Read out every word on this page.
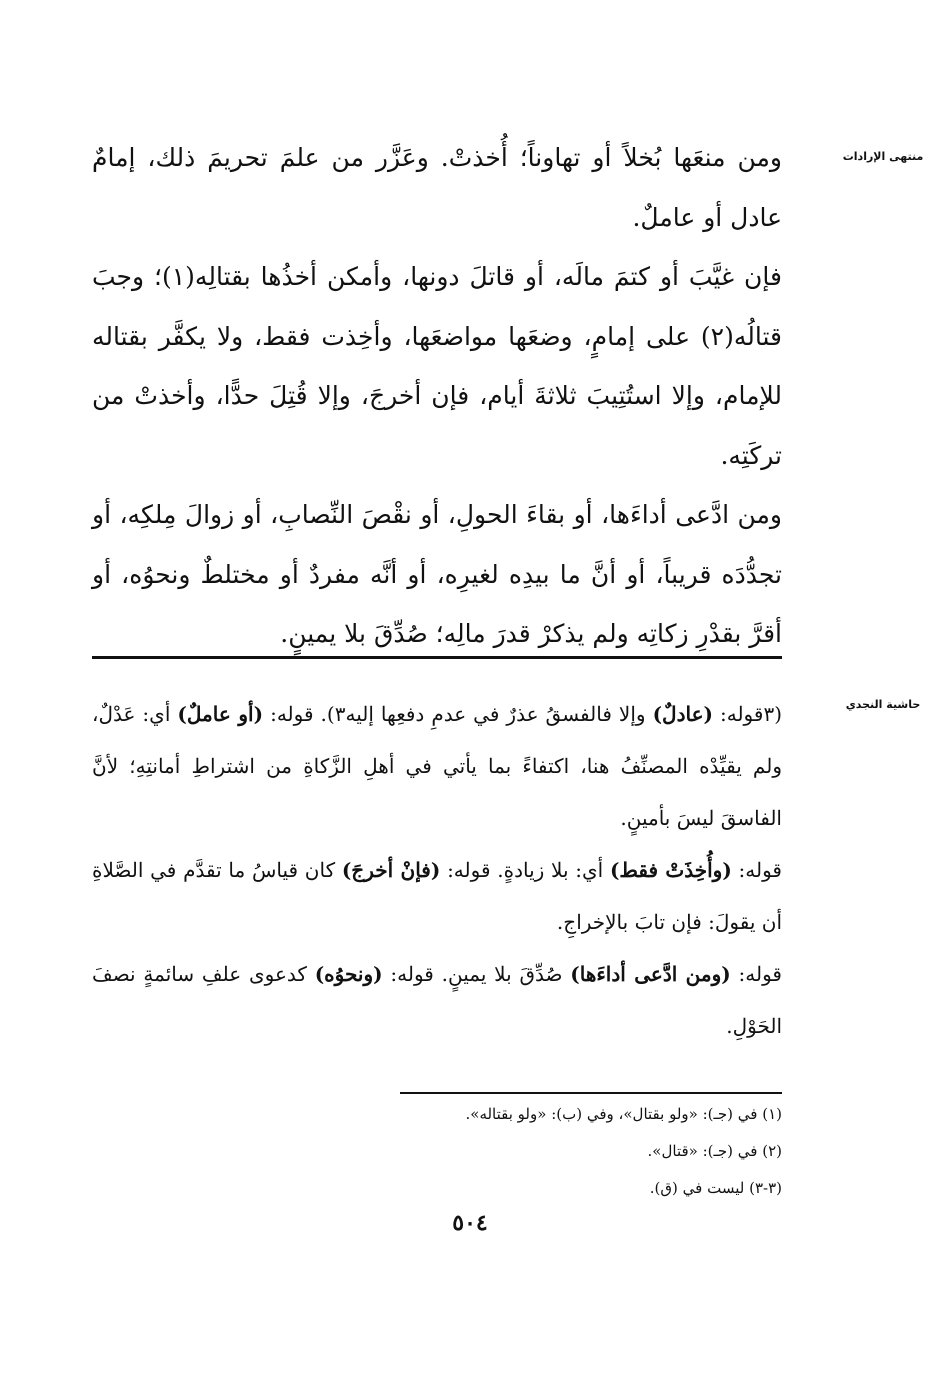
منتهى الإرادات

ومن منعَها بُخلاً أو تهاوناً؛ أُخذتْ. وعَزَّر من علمَ تحريمَ ذلك، إمامٌ عادل أو عاملٌ.

فإن غيَّبَ أو كتمَ مالَه، أو قاتلَ دونها، وأمكن أخذُها بقتالِه(١)؛ وجبَ قتالُه(٢) على إمامٍ، وضعَها مواضعَها، وأخِذت فقط، ولا يكفَّر بقتاله للإمام، وإلا استُتِيبَ ثلاثةَ أيام، فإن أخرجَ، وإلا قُتِلَ حدًّا، وأخذتْ من تركَتِه.

ومن ادَّعى أداءَها، أو بقاءَ الحولِ، أو نقْصَ النِّصابِ، أو زوالَ مِلكِه، أو تجدُّدَه قريباً، أو أنَّ ما بيدِه لغيرِه، أو أنَّه مفردٌ أو مختلطٌ ونحوُه، أو أقرَّ بقدْرِ زكاتِه ولم يذكرْ قدرَ مالِه؛ صُدِّقَ بلا يمينٍ.

حاشية النجدي

(٣قوله: (عادلٌ) وإلا فالفسقُ عذرٌ في عدمِ دفعِها إليه٣). قوله: (أو عاملٌ) أي: عَدْلٌ، ولم يقيِّدْه المصنِّفُ هنا، اكتفاءً بما يأتي في أهلِ الزَّكاةِ من اشتراطِ أمانتِهِ؛ لأنَّ الفاسقَ ليسَ بأمينٍ.

قوله: (وأُخِذَتْ فقط) أي: بلا زيادةٍ. قوله: (فإنْ أخرجَ) كان قياسُ ما تقدَّم في الصَّلاةِ أن يقولَ: فإن تابَ بالإخراجِ.

قوله: (ومن ادَّعى أداءَها) صُدِّقَ بلا يمينٍ. قوله: (ونحوُه) كدعوى علفِ سائمةٍ نصفَ الحَوْلِ.

(١) في (جـ): «ولو بقتال»، وفي (ب): «ولو بقتاله».
(٢) في (جـ): «قتال».
(٣-٣) ليست في (ق).
٥٠٤
